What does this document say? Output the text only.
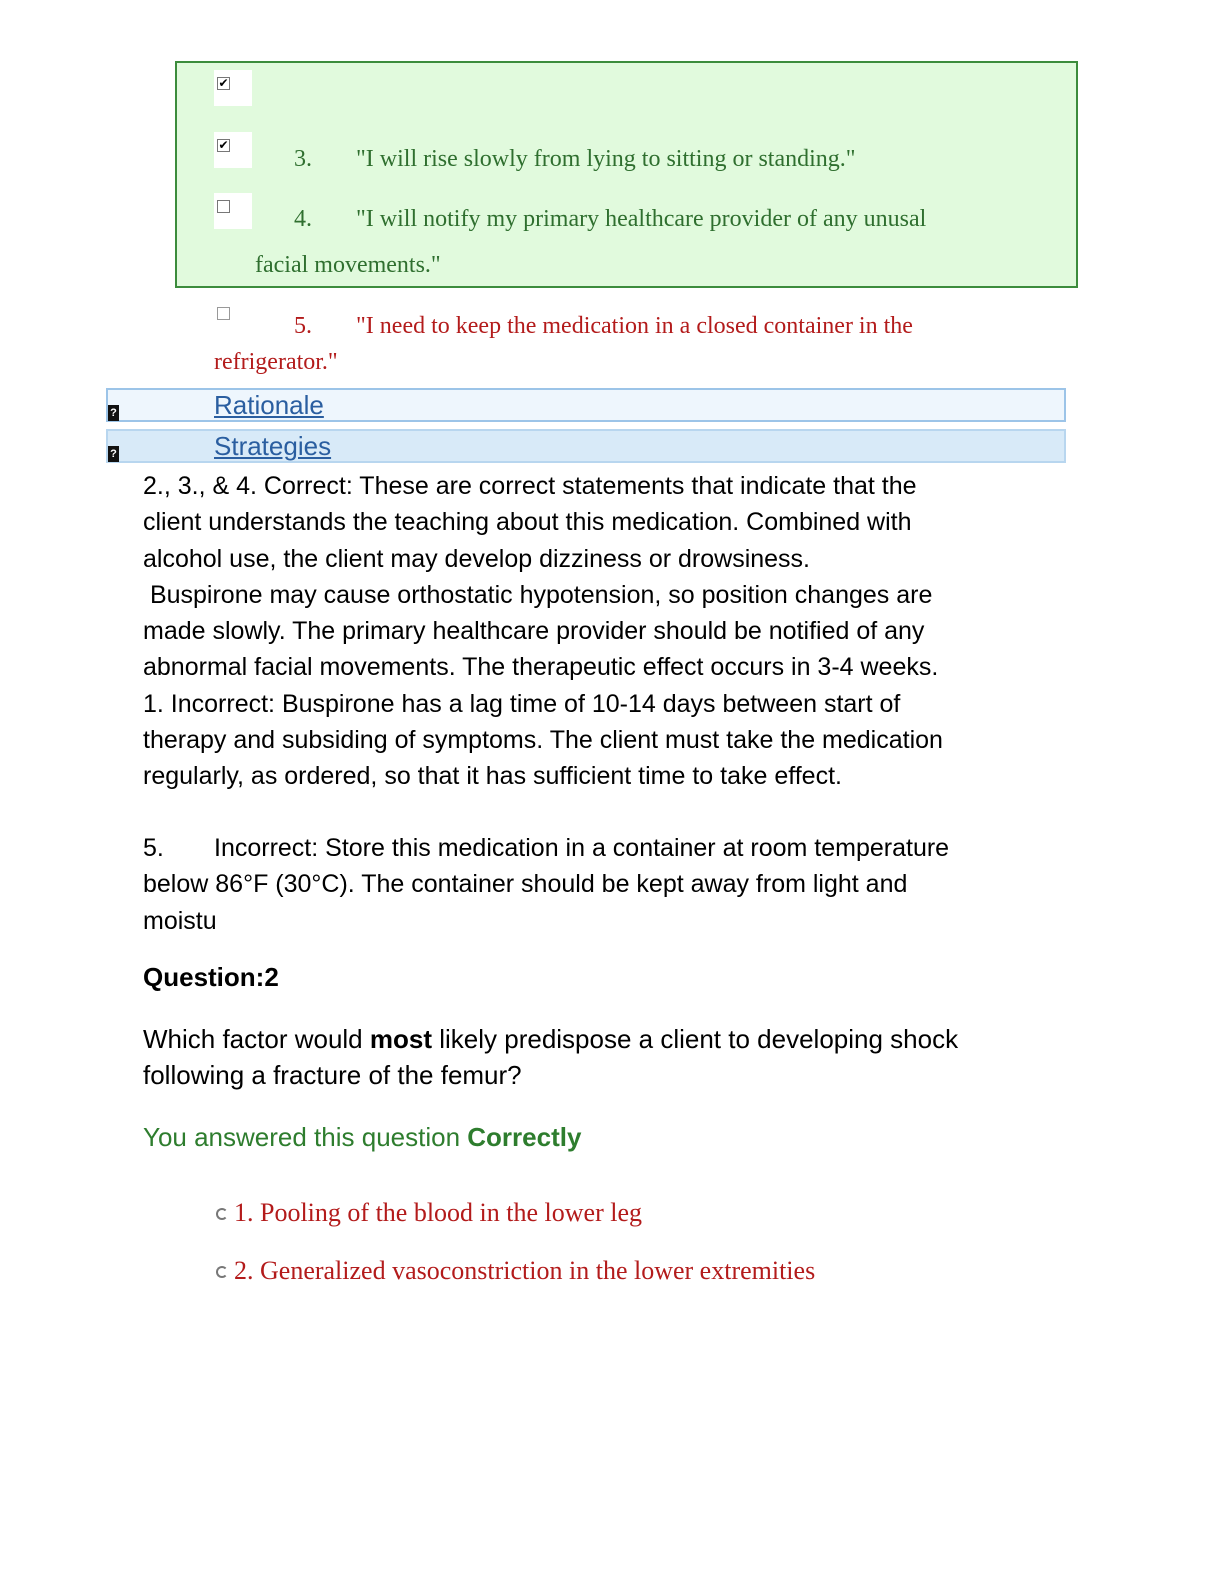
✔
✔
3. "I will rise slowly from lying to sitting or standing."
4. "I will notify my primary healthcare provider of any unusal
facial movements."
5. "I need to keep the medication in a closed container in the
refrigerator."
?	Rationale
?	Strategies

2., 3., & 4. Correct: These are correct statements that indicate that the

client understands the teaching about this medication. Combined with

alcohol use, the client may develop dizziness or drowsiness.

Buspirone may cause orthostatic hypotension, so position changes are

made slowly. The primary healthcare provider should be notified of any

abnormal facial movements. The therapeutic effect occurs in 3-4 weeks.

1. Incorrect: Buspirone has a lag time of 10-14 days between start of

therapy and subsiding of symptoms. The client must take the medication

regularly, as ordered, so that it has sufficient time to take effect.

5. Incorrect: Store this medication in a container at room temperature

below 86°F (30°C). The container should be kept away from light and

moistu

Question:2
Which factor would most likely predispose a client to developing shock
following a fracture of the femur?
You answered this question Correctly
1. Pooling of the blood in the lower leg
2. Generalized vasoconstriction in the lower extremities
